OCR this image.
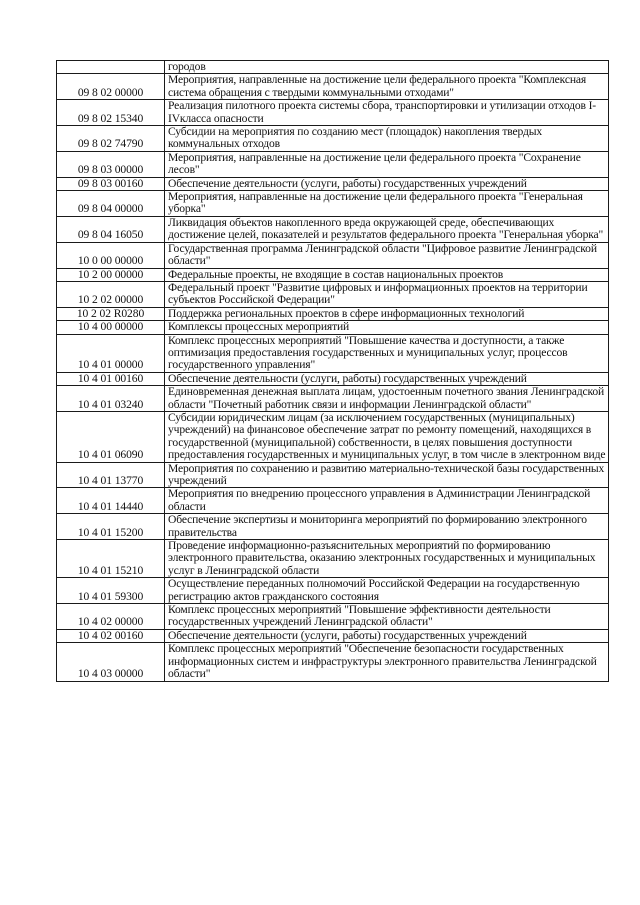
	городов
09 8 02 00000	Мероприятия, направленные на достижение цели федерального проекта "Комплексная система обращения с твердыми коммунальными отходами"
09 8 02 15340	Реализация пилотного проекта системы сбора, транспортировки и утилизации отходов I-IVкласса опасности
09 8 02 74790	Субсидии на мероприятия по созданию мест (площадок) накопления твердых коммунальных отходов
09 8 03 00000	Мероприятия, направленные на достижение цели федерального проекта "Сохранение лесов"
09 8 03 00160	Обеспечение деятельности (услуги, работы) государственных учреждений
09 8 04 00000	Мероприятия, направленные на достижение цели федерального проекта "Генеральная уборка"
09 8 04 16050	Ликвидация объектов накопленного вреда окружающей среде, обеспечивающих достижение целей, показателей и результатов федерального проекта "Генеральная уборка"
10 0 00 00000	Государственная программа Ленинградской области "Цифровое развитие Ленинградской области"
10 2 00 00000	Федеральные проекты, не входящие в состав национальных проектов
10 2 02 00000	Федеральный проект "Развитие цифровых и информационных проектов на территории субъектов Российской Федерации"
10 2 02 R0280	Поддержка региональных проектов в сфере информационных технологий
10 4 00 00000	Комплексы процессных мероприятий
10 4 01 00000	Комплекс процессных мероприятий "Повышение качества и доступности, а также оптимизация предоставления государственных и муниципальных услуг, процессов государственного управления"
10 4 01 00160	Обеспечение деятельности (услуги, работы) государственных учреждений
10 4 01 03240	Единовременная денежная выплата лицам, удостоенным почетного звания Ленинградской области "Почетный работник связи и информации Ленинградской области"
10 4 01 06090	Субсидии юридическим лицам (за исключением государственных (муниципальных) учреждений) на финансовое обеспечение затрат по ремонту помещений, находящихся в государственной (муниципальной) собственности, в целях повышения доступности предоставления государственных и муниципальных услуг, в том числе в электронном виде
10 4 01 13770	Мероприятия по сохранению и развитию материально-технической базы государственных учреждений
10 4 01 14440	Мероприятия по внедрению процессного управления в Администрации Ленинградской области
10 4 01 15200	Обеспечение экспертизы и мониторинга мероприятий по формированию электронного правительства
10 4 01 15210	Проведение информационно-разъяснительных мероприятий по формированию электронного правительства, оказанию электронных государственных и муниципальных услуг в Ленинградской области
10 4 01 59300	Осуществление переданных полномочий Российской Федерации на государственную регистрацию актов гражданского состояния
10 4 02 00000	Комплекс процессных мероприятий "Повышение эффективности деятельности государственных учреждений Ленинградской области"
10 4 02 00160	Обеспечение деятельности (услуги, работы) государственных учреждений
10 4 03 00000	Комплекс процессных мероприятий "Обеспечение безопасности государственных информационных систем и инфраструктуры электронного правительства Ленинградской области"
